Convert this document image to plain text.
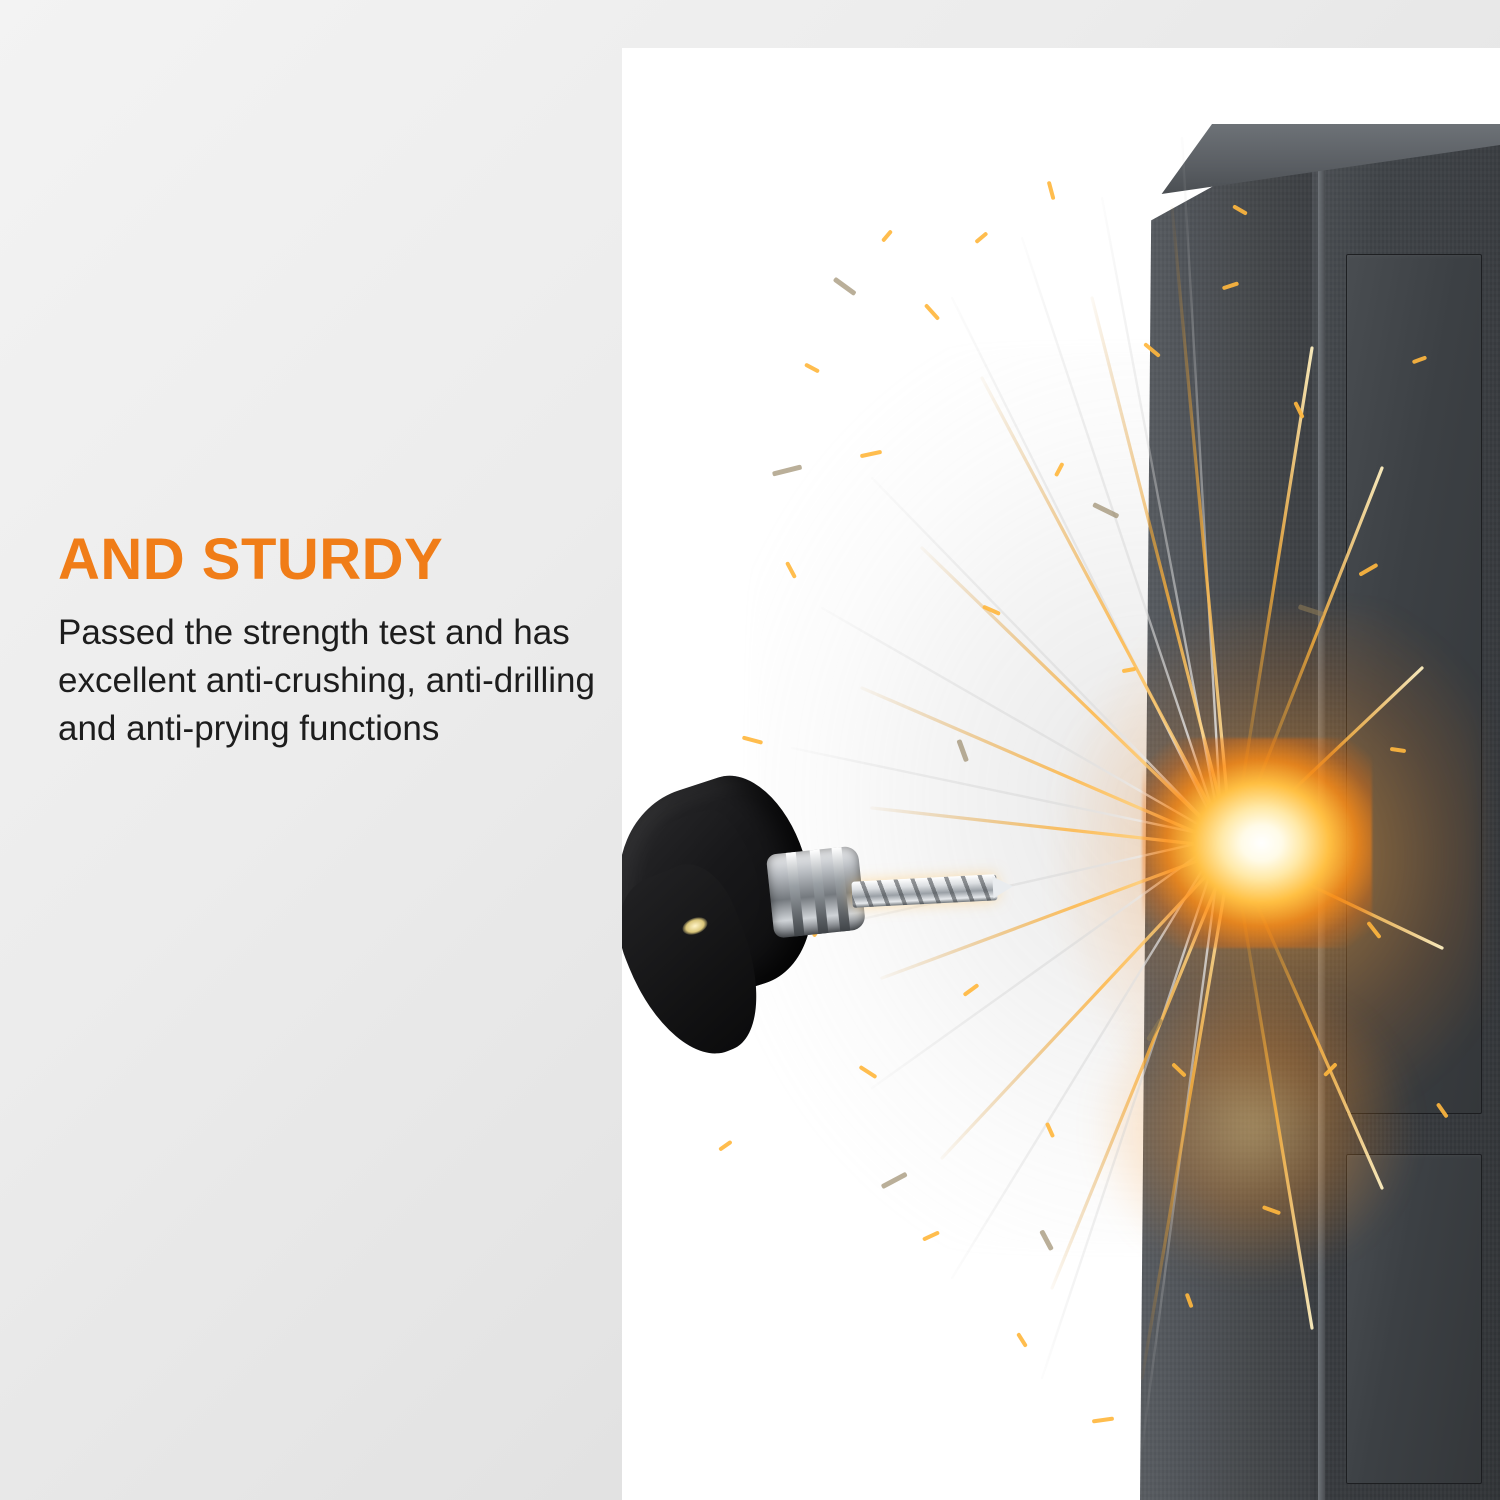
AND STURDY

Passed the strength test and has excellent anti-crushing, anti-drilling and anti-prying functions
